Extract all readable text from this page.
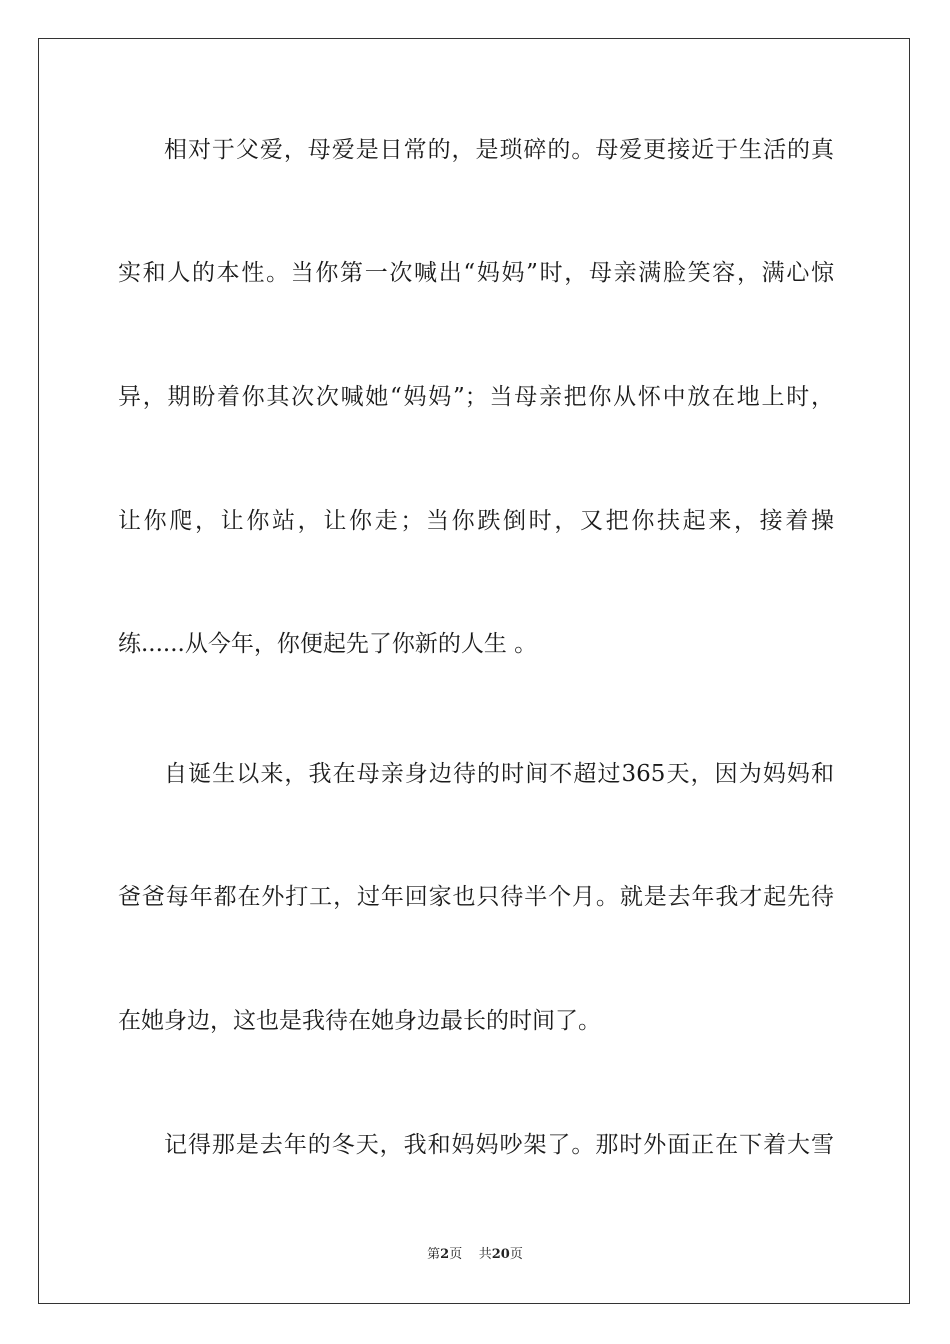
相对于父爱，母爱是日常的，是琐碎的。母爱更接近于生活的真
实和人的本性。当你第一次喊出“妈妈”时，母亲满脸笑容，满心惊
异，期盼着你其次次喊她“妈妈”；当母亲把你从怀中放在地上时，
让你爬，让你站，让你走；当你跌倒时，又把你扶起来，接着操
练......从今年，你便起先了你新的人生 。
自诞生以来，我在母亲身边待的时间不超过365天，因为妈妈和
爸爸每年都在外打工，过年回家也只待半个月。就是去年我才起先待
在她身边，这也是我待在她身边最长的时间了。
记得那是去年的冬天，我和妈妈吵架了。那时外面正在下着大雪
第2页 共20页
